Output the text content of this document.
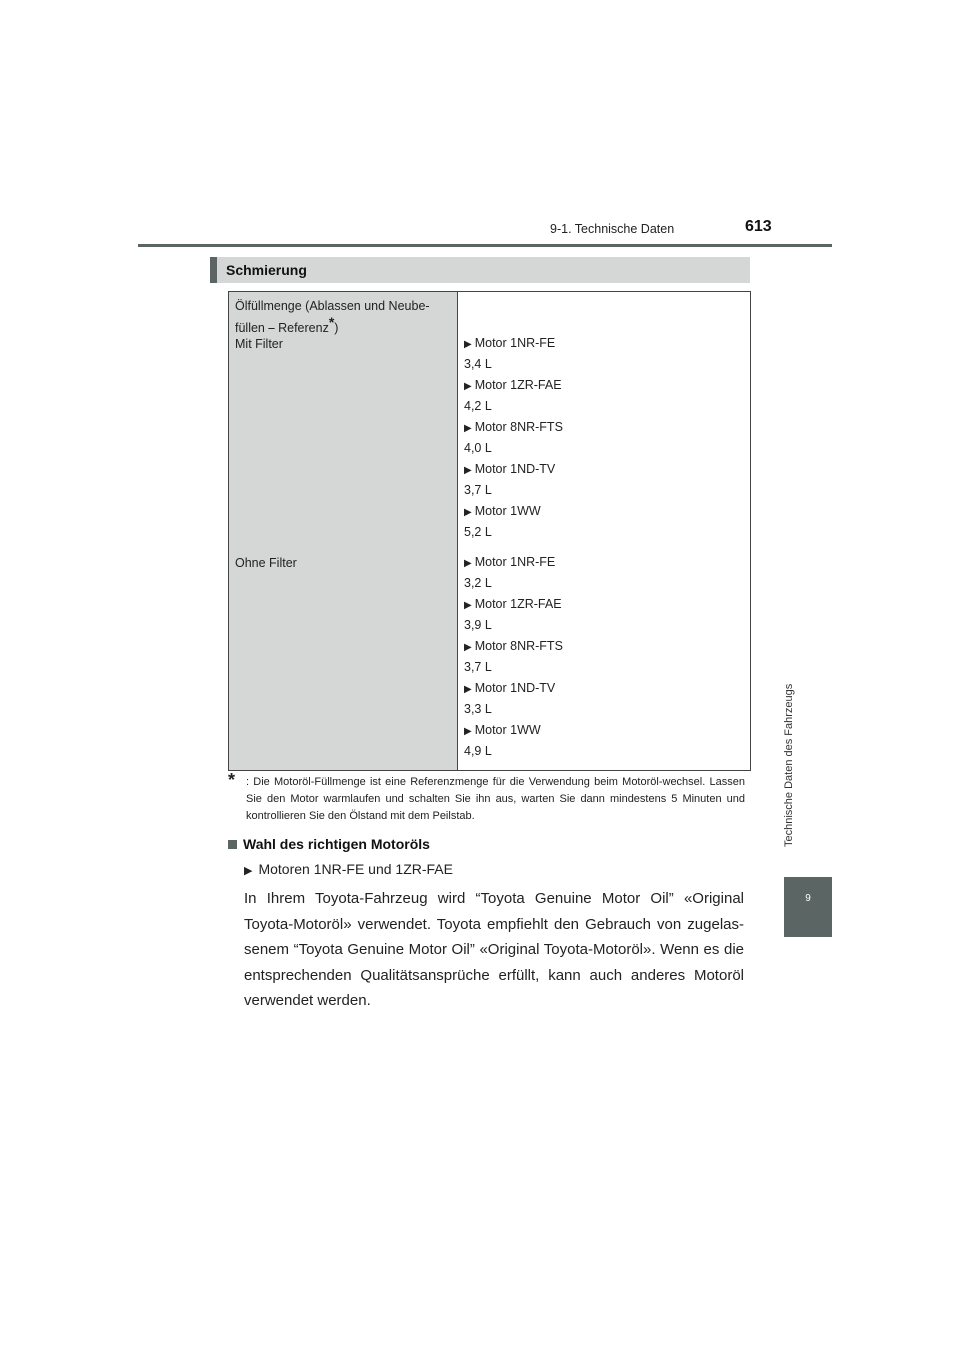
9-1. Technische Daten	613
Technische Daten des Fahrzeugs
9
Schmierung
Ölfüllmenge (Ablassen und Neube-
füllen ⎯ Referenz*)
Mit Filter
Ohne Filter
▶ Motor 1NR-FE
3,4 L
▶ Motor 1ZR-FAE
4,2 L
▶ Motor 8NR-FTS
4,0 L
▶ Motor 1ND-TV
3,7 L
▶ Motor 1WW
5,2 L
▶ Motor 1NR-FE
3,2 L
▶ Motor 1ZR-FAE
3,9 L
▶ Motor 8NR-FTS
3,7 L
▶ Motor 1ND-TV
3,3 L
▶ Motor 1WW
4,9 L
* : Die Motoröl-Füllmenge ist eine Referenzmenge für die Verwendung beim Motoröl-wechsel. Lassen Sie den Motor warmlaufen und schalten Sie ihn aus, warten Sie dann mindestens 5 Minuten und kontrollieren Sie den Ölstand mit dem Peilstab.
Wahl des richtigen Motoröls
▶ Motoren 1NR-FE und 1ZR-FAE
In Ihrem Toyota-Fahrzeug wird “Toyota Genuine Motor Oil” «Original Toyota-Motoröl» verwendet. Toyota empfiehlt den Gebrauch von zugelas-senem “Toyota Genuine Motor Oil” «Original Toyota-Motoröl». Wenn es die entsprechenden Qualitätsansprüche erfüllt, kann auch anderes Motoröl verwendet werden.
